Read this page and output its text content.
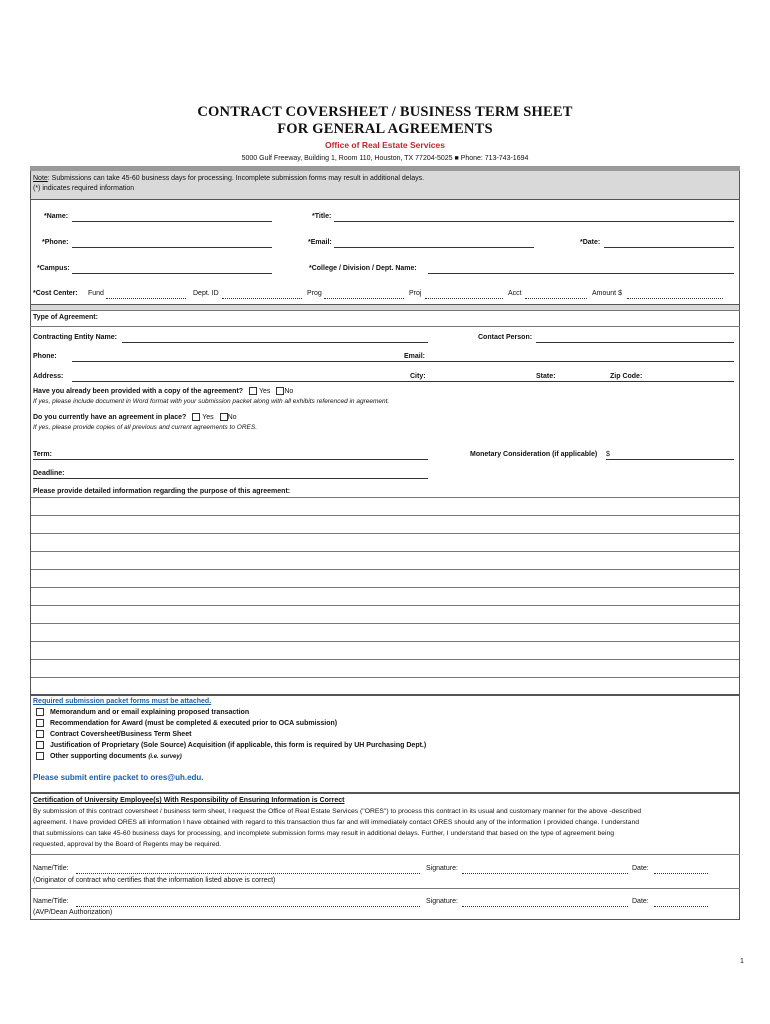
CONTRACT COVERSHEET / BUSINESS TERM SHEET
FOR GENERAL AGREEMENTS
Office of Real Estate Services
5000 Gulf Freeway, Building 1, Room 110, Houston, TX 77204-5025 ■ Phone: 713-743-1694
Note: Submissions can take 45-60 business days for processing. Incomplete submission forms may result in additional delays.
(*) indicates required information
*Name:	*Title:
*Phone:	*Email:	*Date:
*Campus:	*College / Division / Dept. Name:
*Cost Center: Fund	Dept. ID	Prog	Proj	Acct	Amount $
Type of Agreement:
Contracting Entity Name:	Contact Person:
Phone:	Email:
Address:	City:	State:	Zip Code:
Have you already been provided with a copy of the agreement? Yes No
If yes, please include document in Word format with your submission packet along with all exhibits referenced in agreement.
Do you currently have an agreement in place? Yes No
If yes, please provide copies of all previous and current agreements to ORES.
Term:	Monetary Consideration (if applicable) $
Deadline:
Please provide detailed information regarding the purpose of this agreement:
Required submission packet forms must be attached.
Memorandum and or email explaining proposed transaction
Recommendation for Award (must be completed & executed prior to OCA submission)
Contract Coversheet/Business Term Sheet
Justification of Proprietary (Sole Source) Acquisition (if applicable, this form is required by UH Purchasing Dept.)
Other supporting documents (i.e. survey)
Please submit entire packet to ores@uh.edu.
Certification of University Employee(s) With Responsibility of Ensuring Information is Correct
By submission of this contract coversheet / business term sheet, I request the Office of Real Estate Services ("ORES") to process this contract in its usual and customary manner for the above -described
agreement. I have provided ORES all information I have obtained with regard to this transaction thus far and will immediately contact ORES should any of the information I provided change. I understand
that submissions can take 45-60 business days for processing, and incomplete submission forms may result in additional delays. Further, I understand that based on the type of agreement being
requested, approval by the Board of Regents may be required.
Name/Title:	Signature:	Date:
(Originator of contract who certifies that the information listed above is correct)
Name/Title:	Signature:	Date:
(AVP/Dean Authorization)
1
